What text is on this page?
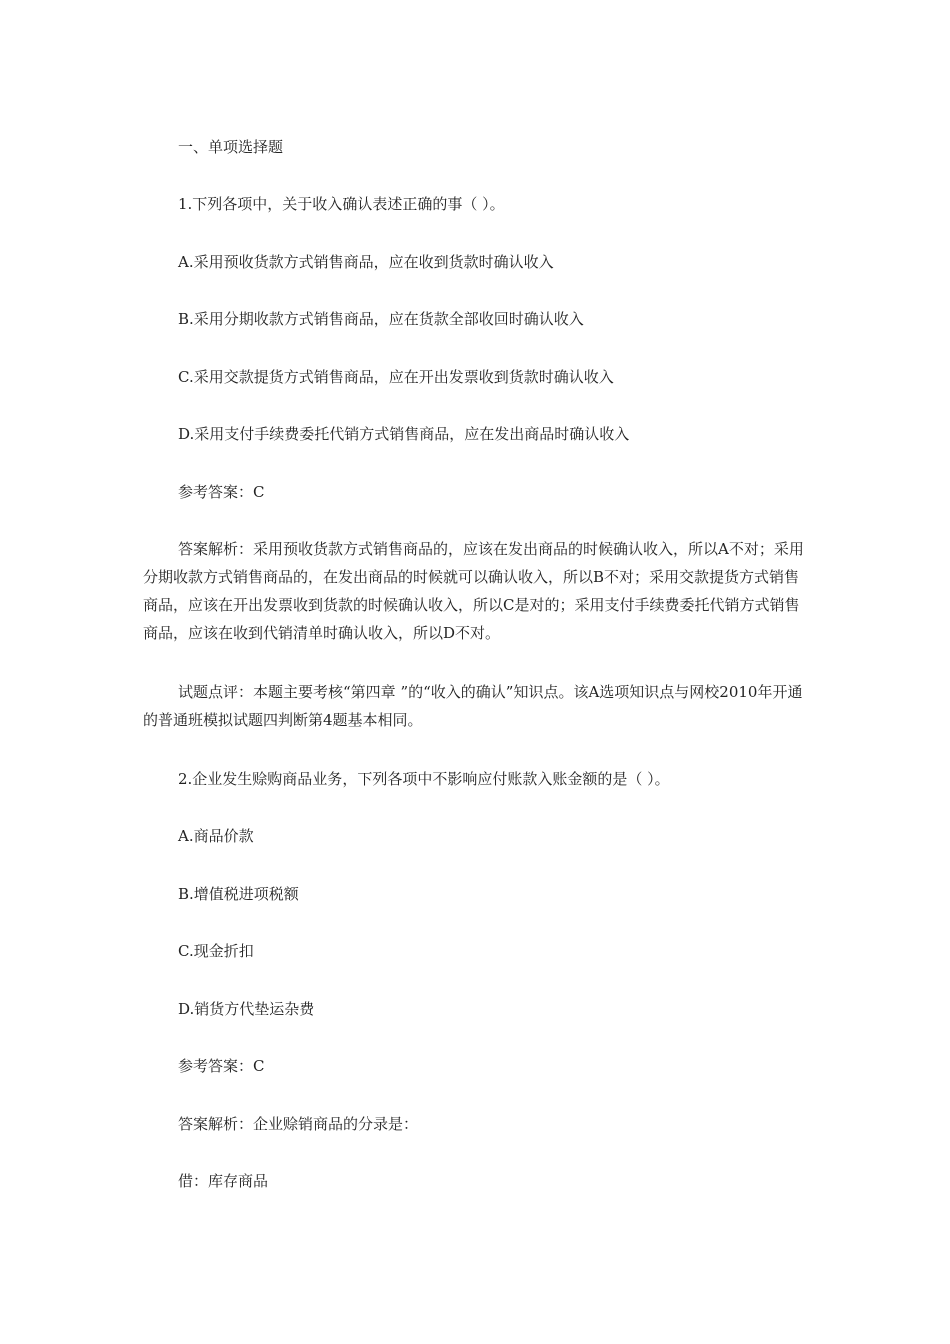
一、单项选择题

1.下列各项中，关于收入确认表述正确的事（ ）。

A.采用预收货款方式销售商品，应在收到货款时确认收入

B.采用分期收款方式销售商品，应在货款全部收回时确认收入

C.采用交款提货方式销售商品，应在开出发票收到货款时确认收入

D.采用支付手续费委托代销方式销售商品，应在发出商品时确认收入

参考答案：C

答案解析：采用预收货款方式销售商品的，应该在发出商品的时候确认收入，所以A不对；采用分期收款方式销售商品的，在发出商品的时候就可以确认收入，所以B不对；采用交款提货方式销售商品，应该在开出发票收到货款的时候确认收入，所以C是对的；采用支付手续费委托代销方式销售商品，应该在收到代销清单时确认收入，所以D不对。

试题点评：本题主要考核“第四章 ”的“收入的确认”知识点。该A选项知识点与网校2010年开通的普通班模拟试题四判断第4题基本相同。

2.企业发生赊购商品业务，下列各项中不影响应付账款入账金额的是（ ）。

A.商品价款

B.增值税进项税额

C.现金折扣

D.销货方代垫运杂费

参考答案：C

答案解析：企业赊销商品的分录是：

借：库存商品
